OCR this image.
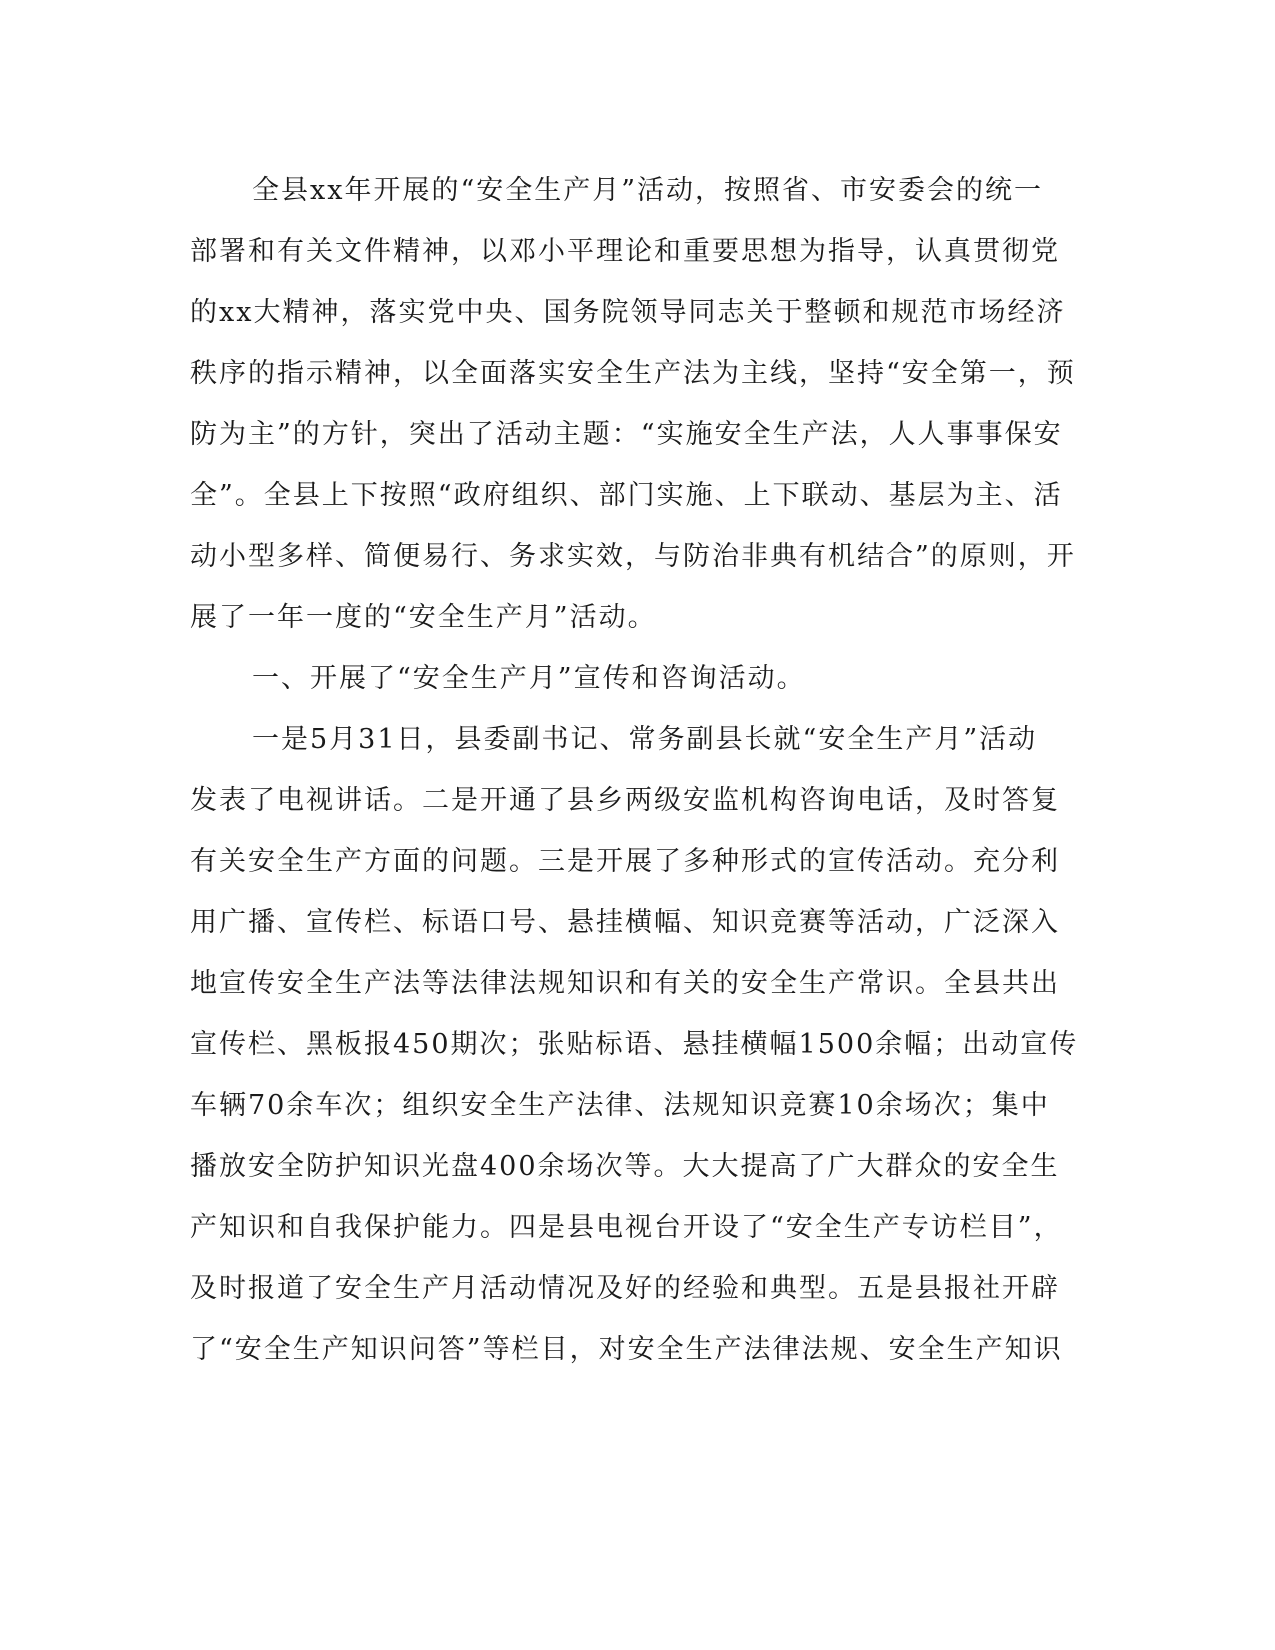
全县xx年开展的“安全生产月”活动，按照省、市安委会的统一
部署和有关文件精神，以邓小平理论和重要思想为指导，认真贯彻党
的xx大精神，落实党中央、国务院领导同志关于整顿和规范市场经济
秩序的指示精神，以全面落实安全生产法为主线，坚持“安全第一，预
防为主”的方针，突出了活动主题：“实施安全生产法，人人事事保安
全”。全县上下按照“政府组织、部门实施、上下联动、基层为主、活
动小型多样、简便易行、务求实效，与防治非典有机结合”的原则，开
展了一年一度的“安全生产月”活动。
一、开展了“安全生产月”宣传和咨询活动。
一是5月31日，县委副书记、常务副县长就“安全生产月”活动
发表了电视讲话。二是开通了县乡两级安监机构咨询电话，及时答复
有关安全生产方面的问题。三是开展了多种形式的宣传活动。充分利
用广播、宣传栏、标语口号、悬挂横幅、知识竞赛等活动，广泛深入
地宣传安全生产法等法律法规知识和有关的安全生产常识。全县共出
宣传栏、黑板报450期次；张贴标语、悬挂横幅1500余幅；出动宣传
车辆70余车次；组织安全生产法律、法规知识竞赛10余场次；集中
播放安全防护知识光盘400余场次等。大大提高了广大群众的安全生
产知识和自我保护能力。四是县电视台开设了“安全生产专访栏目”，
及时报道了安全生产月活动情况及好的经验和典型。五是县报社开辟
了“安全生产知识问答”等栏目，对安全生产法律法规、安全生产知识
